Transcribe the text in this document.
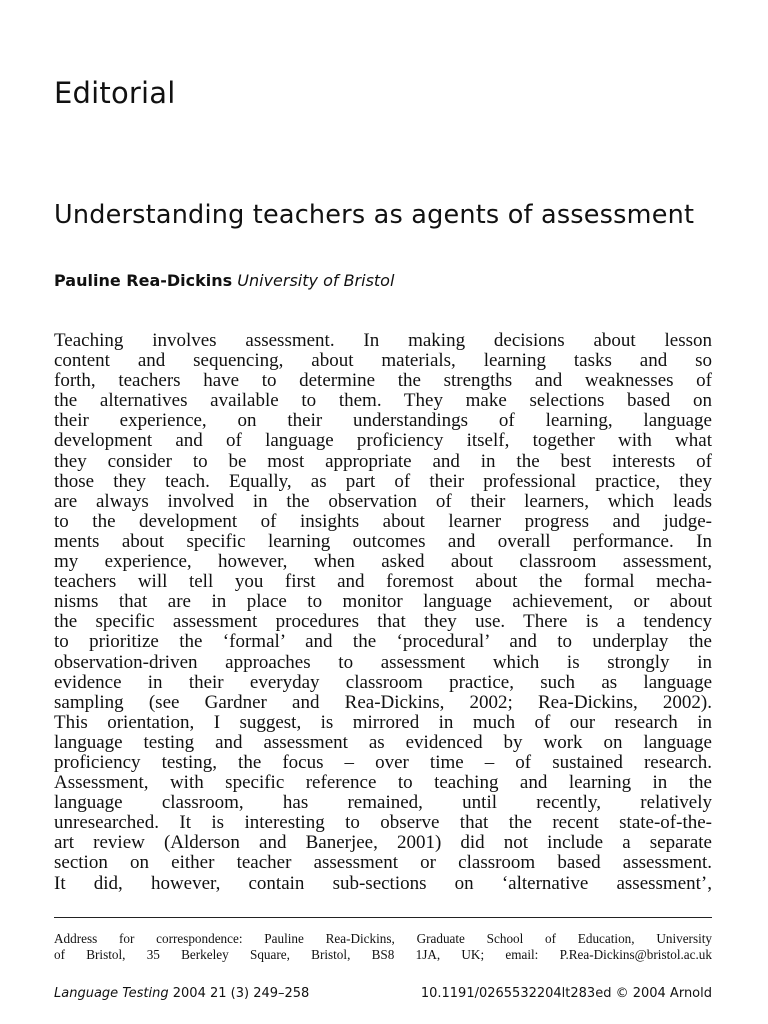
Editorial
Understanding teachers as agents of assessment

Pauline Rea-Dickins University of Bristol

Teaching involves assessment. In making decisions about lesson
content and sequencing, about materials, learning tasks and so
forth, teachers have to determine the strengths and weaknesses of
the alternatives available to them. They make selections based on
their experience, on their understandings of learning, language
development and of language proficiency itself, together with what
they consider to be most appropriate and in the best interests of
those they teach. Equally, as part of their professional practice, they
are always involved in the observation of their learners, which leads
to the development of insights about learner progress and judge-
ments about specific learning outcomes and overall performance. In
my experience, however, when asked about classroom assessment,
teachers will tell you first and foremost about the formal mecha-
nisms that are in place to monitor language achievement, or about
the specific assessment procedures that they use. There is a tendency
to prioritize the ‘formal’ and the ‘procedural’ and to underplay the
observation-driven approaches to assessment which is strongly in
evidence in their everyday classroom practice, such as language
sampling (see Gardner and Rea-Dickins, 2002; Rea-Dickins, 2002).
This orientation, I suggest, is mirrored in much of our research in
language testing and assessment as evidenced by work on language
proficiency testing, the focus – over time – of sustained research.
Assessment, with specific reference to teaching and learning in the
language classroom, has remained, until recently, relatively
unresearched. It is interesting to observe that the recent state-of-the-
art review (Alderson and Banerjee, 2001) did not include a separate
section on either teacher assessment or classroom based assessment.
It did, however, contain sub-sections on ‘alternative assessment’,
Address for correspondence: Pauline Rea-Dickins, Graduate School of Education, University
of Bristol, 35 Berkeley Square, Bristol, BS8 1JA, UK; email: P.Rea-Dickins@bristol.ac.uk
Language Testing 2004 21 (3) 249–258	10.1191/0265532204lt283ed © 2004 Arnold
